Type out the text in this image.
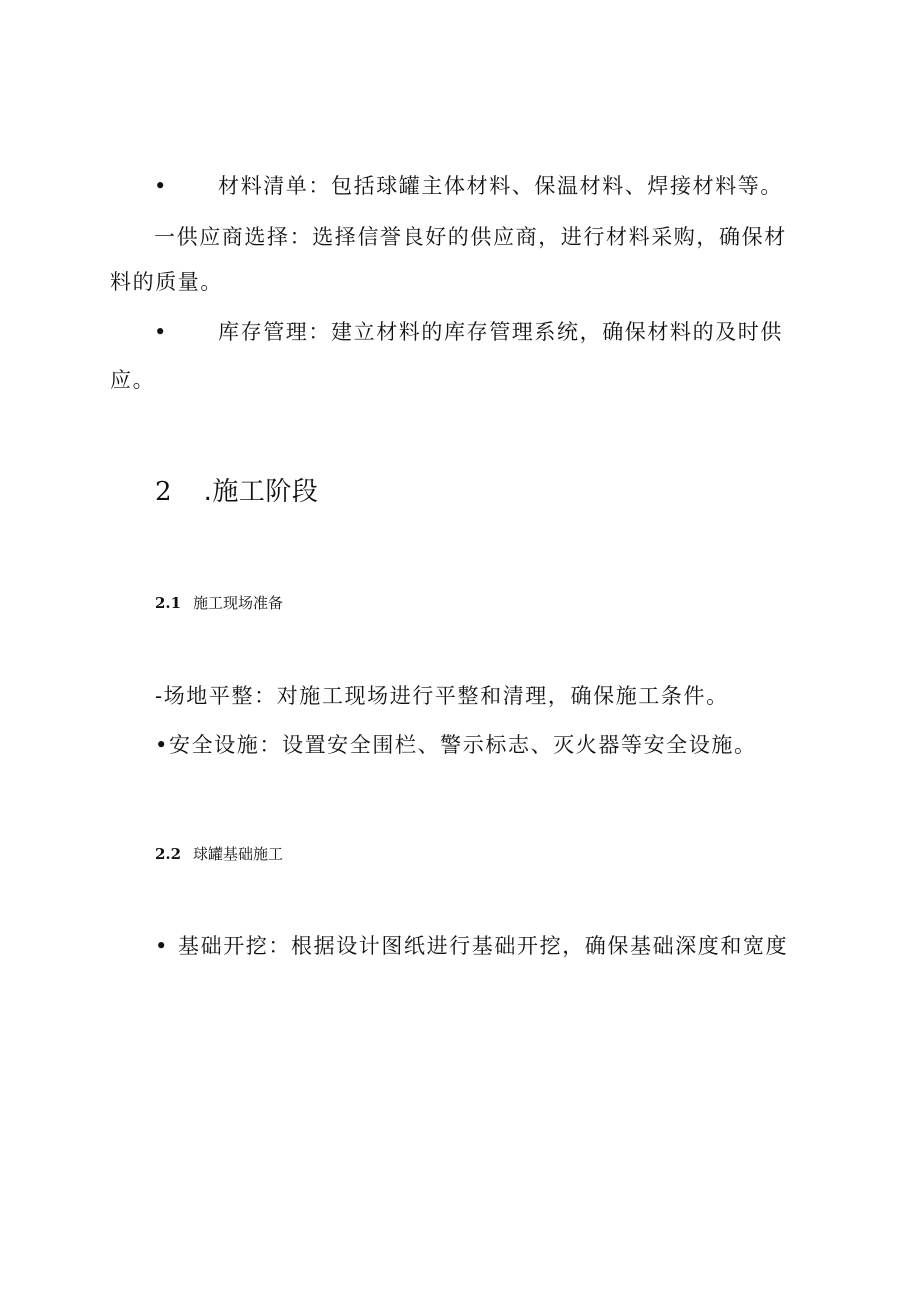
• 材料清单：包括球罐主体材料、保温材料、焊接材料等。
一供应商选择：选择信誉良好的供应商，进行材料采购，确保材
料的质量。
• 库存管理：建立材料的库存管理系统，确保材料的及时供
应。
2 .施工阶段
2.1 施工现场准备
-场地平整：对施工现场进行平整和清理，确保施工条件。
•安全设施：设置安全围栏、警示标志、灭火器等安全设施。
2.2 球罐基础施工
• 基础开挖：根据设计图纸进行基础开挖，确保基础深度和宽度
